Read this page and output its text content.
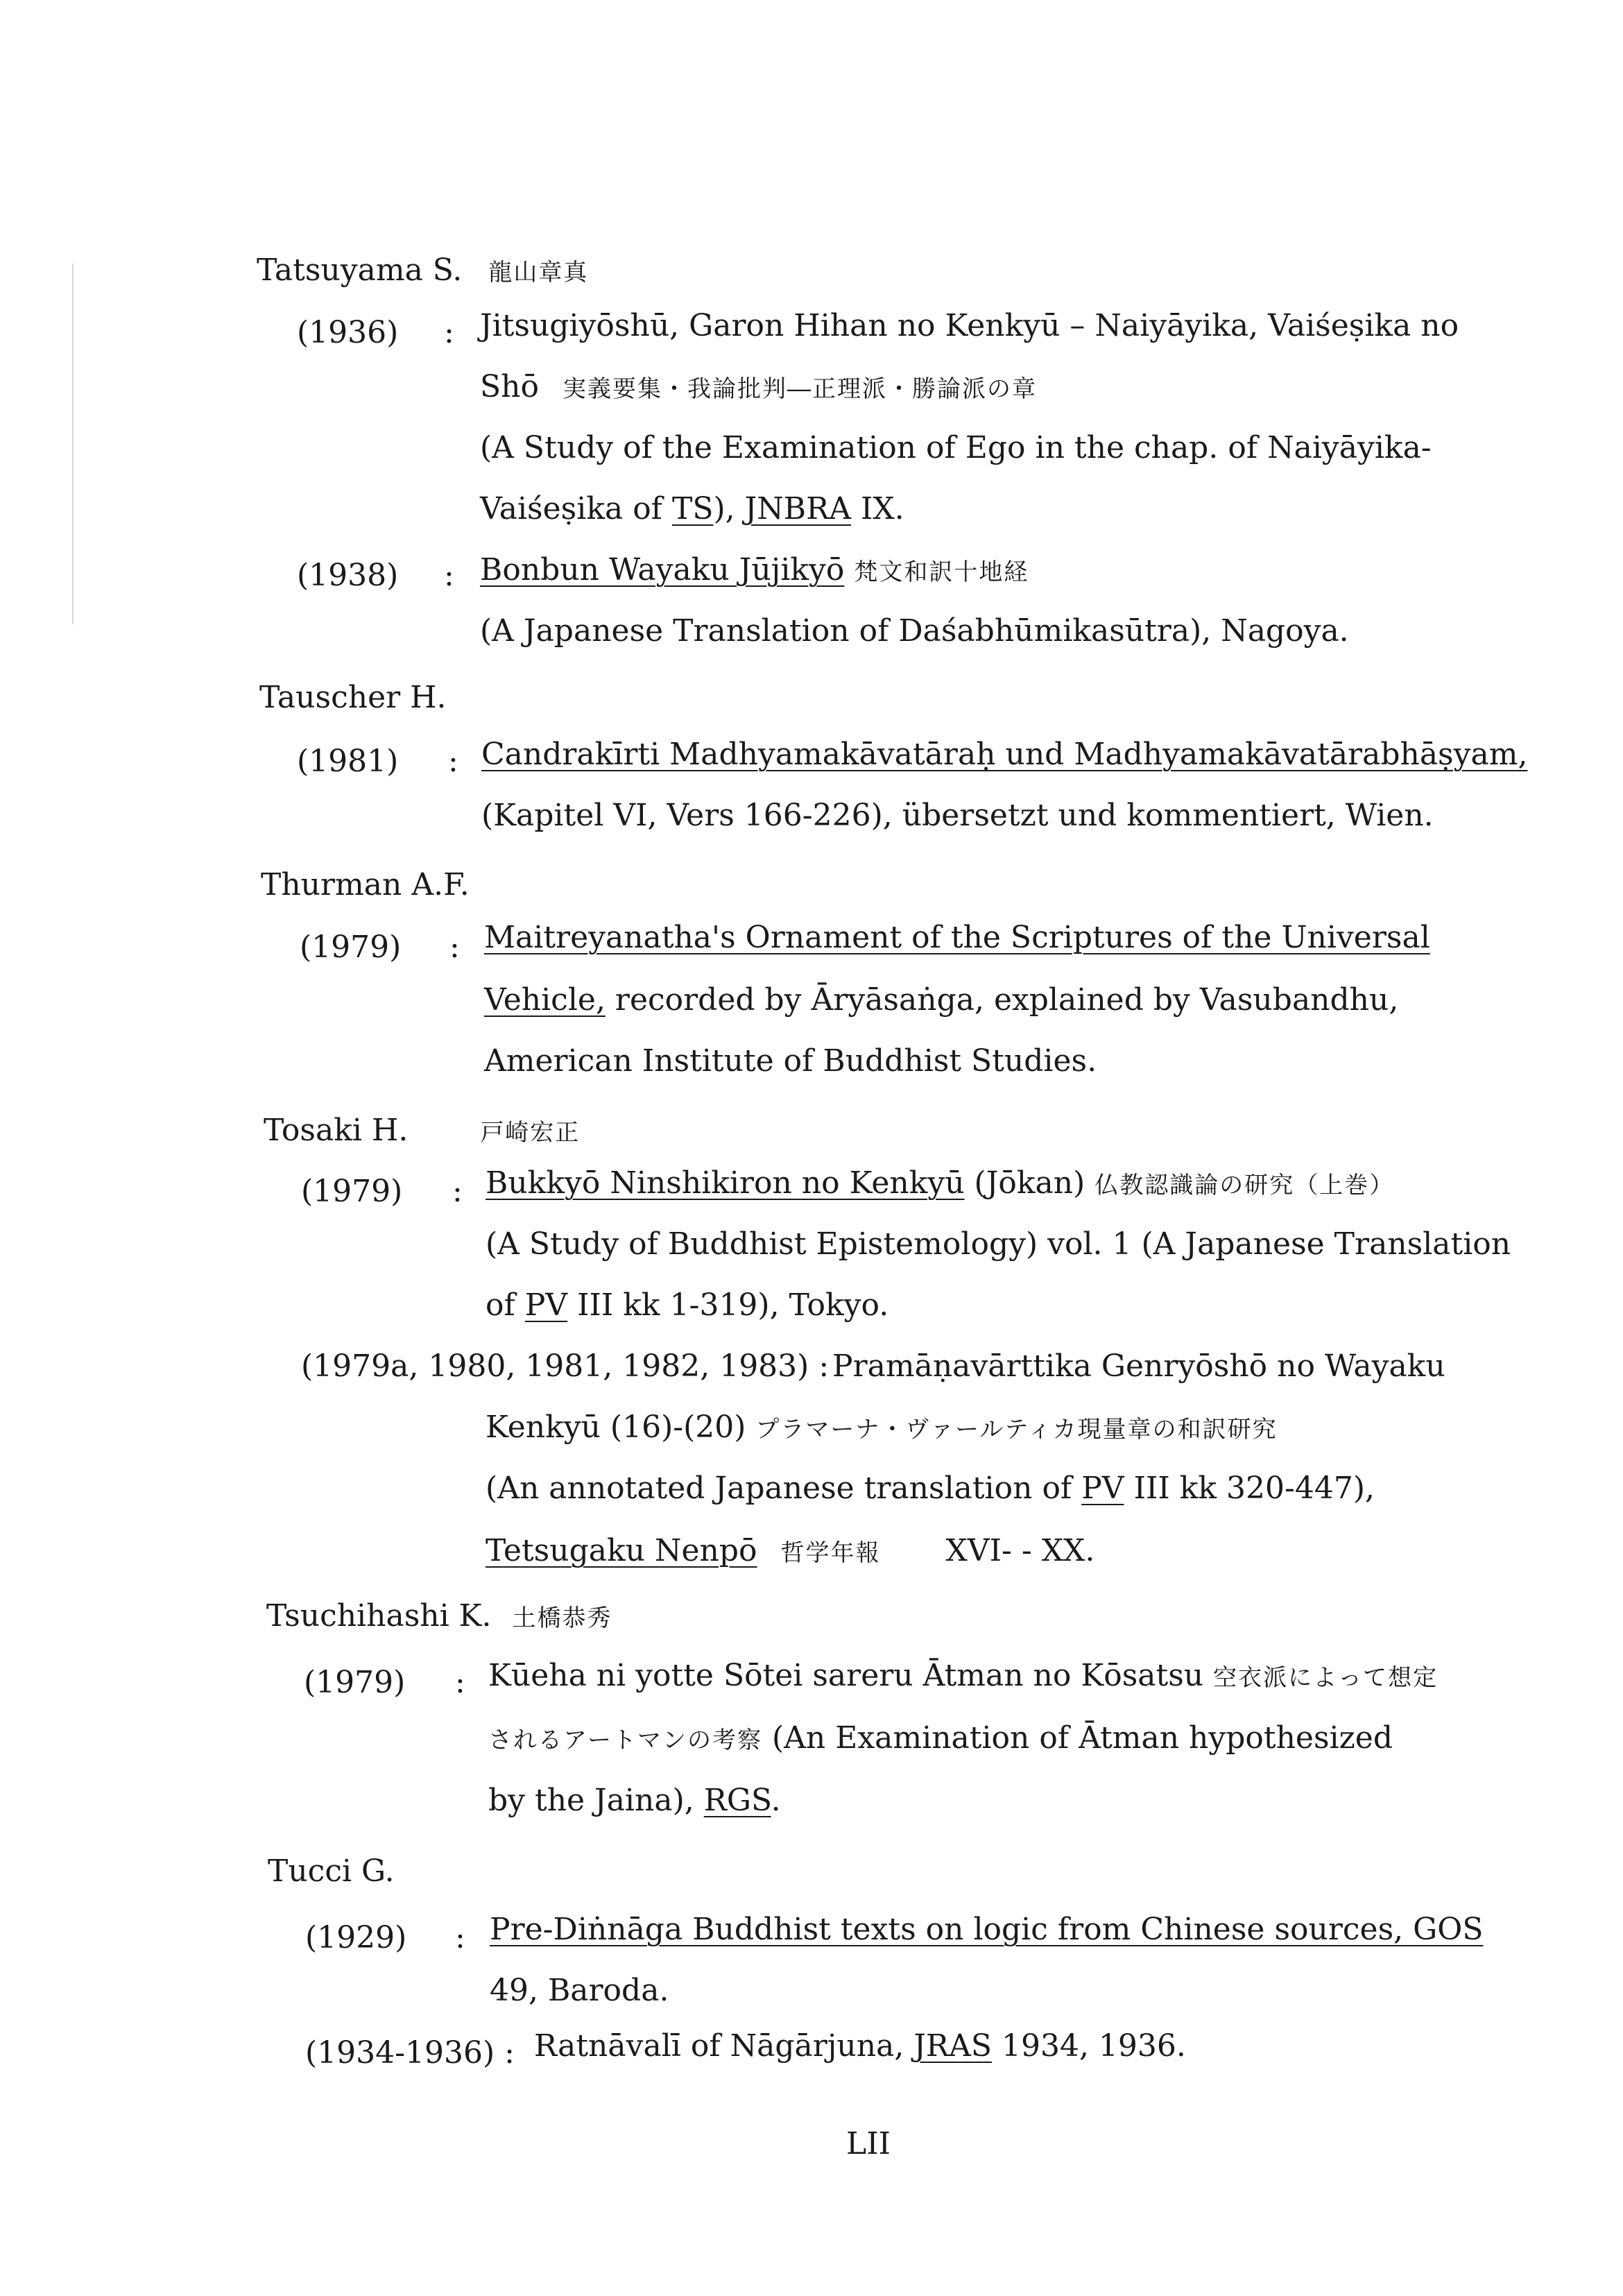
Tatsuyama S. 龍山章真
(1936) : Jitsugiyōshū, Garon Hihan no Kenkyū – Naiyāyika, Vaiśeṣika no
Shō 実義要集・我論批判―正理派・勝論派の章
(A Study of the Examination of Ego in the chap. of Naiyāyika-
Vaiśeṣika of TS), JNBRA IX.
(1938) : Bonbun Wayaku Jūjikyō 梵文和訳十地経
(A Japanese Translation of Daśabhūmikasūtra), Nagoya.
Tauscher H.
(1981) : Candrakīrti Madhyamakāvatāraḥ und Madhyamakāvatārabhāṣyam,
(Kapitel VI, Vers 166-226), übersetzt und kommentiert, Wien.
Thurman A.F.
(1979) : Maitreyanatha's Ornament of the Scriptures of the Universal
Vehicle, recorded by Āryāsaṅga, explained by Vasubandhu,
American Institute of Buddhist Studies.
Tosaki H.	戸崎宏正
(1979) : Bukkyō Ninshikiron no Kenkyū (Jōkan) 仏教認識論の研究（上巻）
(A Study of Buddhist Epistemology) vol. 1 (A Japanese Translation
of PV III kk 1-319), Tokyo.
(1979a, 1980, 1981, 1982, 1983) : Pramāṇavārttika Genryōshō no Wayaku
Kenkyū (16)-(20) プラマーナ・ヴァールティカ現量章の和訳研究
(An annotated Japanese translation of PV III kk 320-447),
Tetsugaku Nenpō 哲学年報 XVI- - XX.
Tsuchihashi K. 土橋恭秀
(1979) : Kūeha ni yotte Sōtei sareru Ātman no Kōsatsu 空衣派によって想定
されるアートマンの考察 (An Examination of Ātman hypothesized
by the Jaina), RGS.
Tucci G.
(1929) : Pre-Diṅnāga Buddhist texts on logic from Chinese sources, GOS
49, Baroda.
(1934-1936) : Ratnāvalī of Nāgārjuna, JRAS 1934, 1936.
LII
